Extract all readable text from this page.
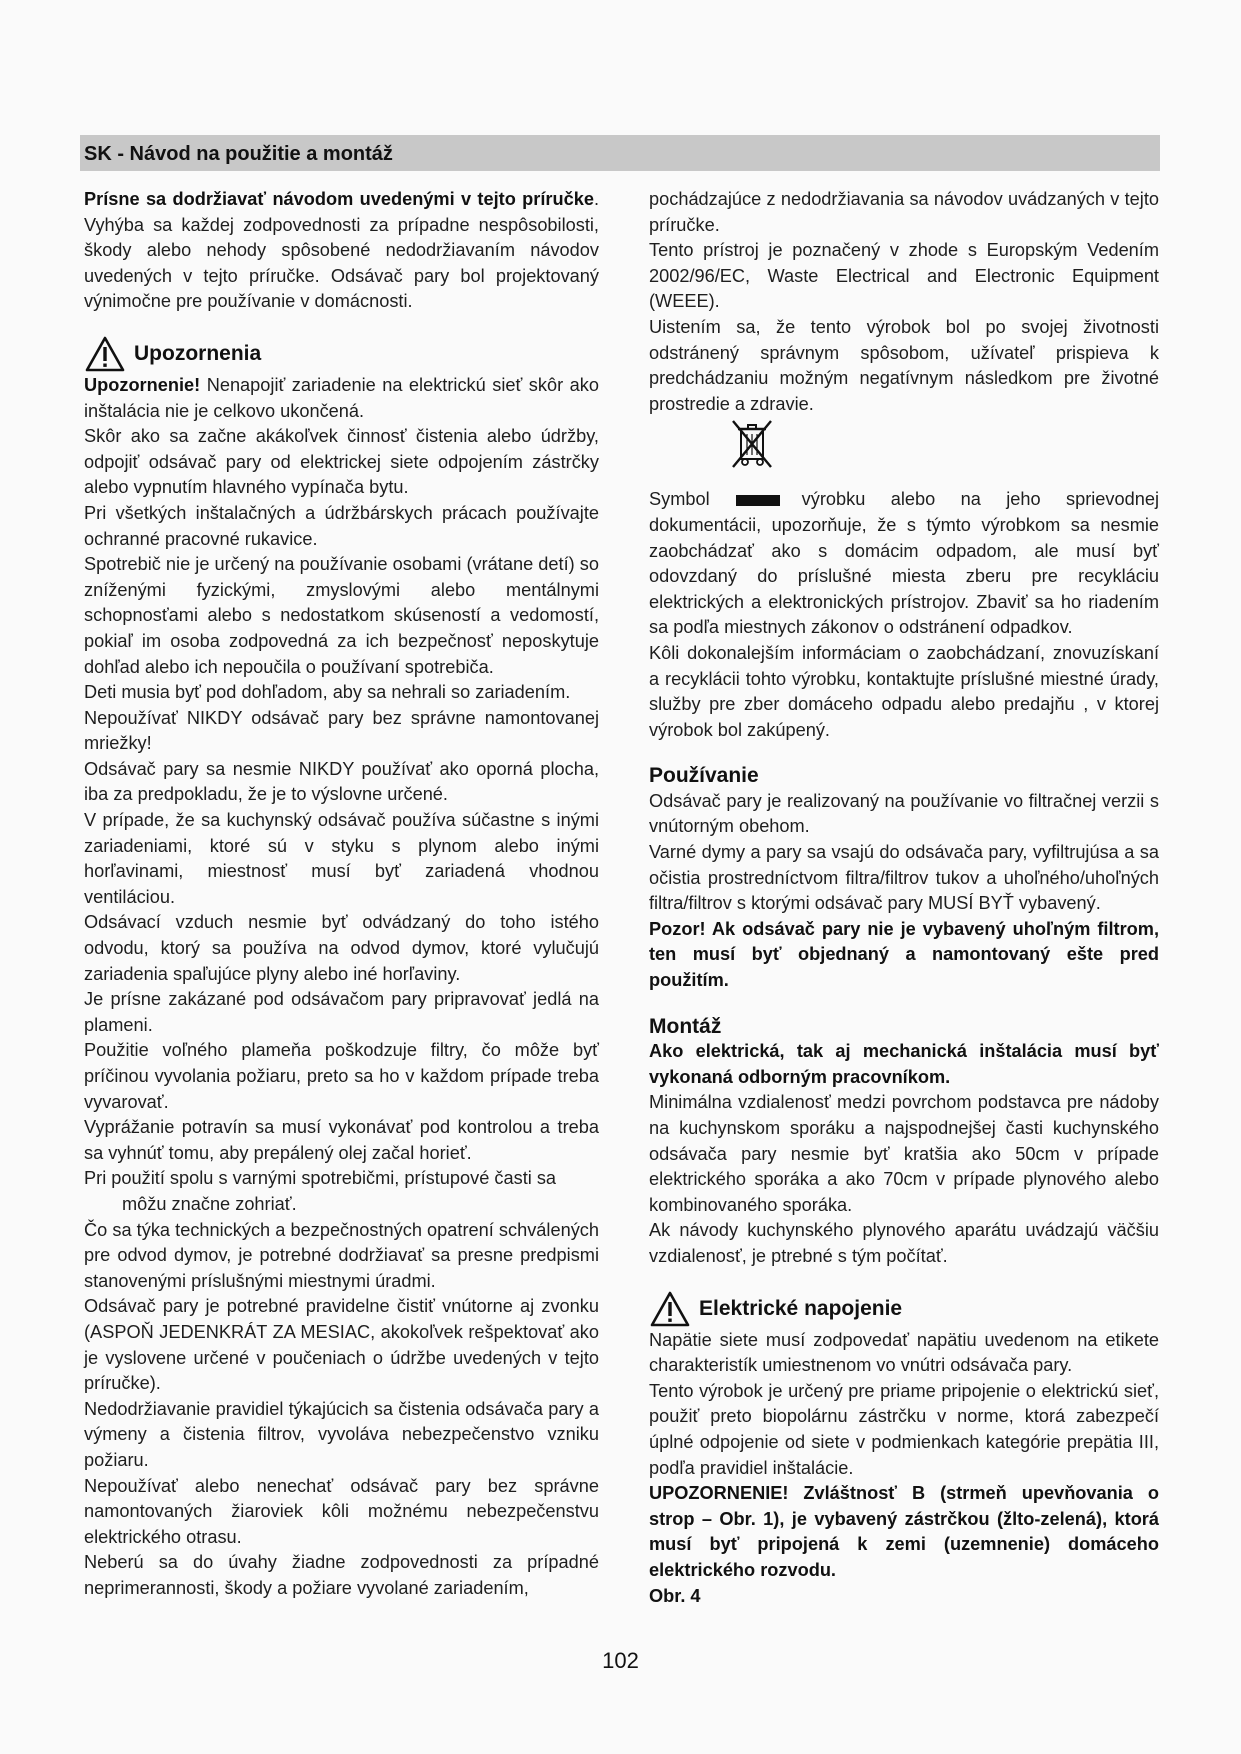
SK - Návod na použitie a montáž

Prísne sa dodržiavať návodom uvedenými v tejto príručke. Vyhýba sa každej zodpovednosti za prípadne nespôsobilosti, škody alebo nehody spôsobené nedodržiavaním návodov uvedených v tejto príručke. Odsávač pary bol projektovaný výnimočne pre používanie v domácnosti.

Upozornenia

Upozornenie! Nenapojiť zariadenie na elektrickú sieť skôr ako inštalácia nie je celkovo ukončená.

Skôr ako sa začne akákoľvek činnosť čistenia alebo údržby, odpojiť odsávač pary od elektrickej siete odpojením zástrčky alebo vypnutím hlavného vypínača bytu.

Pri všetkých inštalačných a údržbárskych prácach používajte ochranné pracovné rukavice.

Spotrebič nie je určený na používanie osobami (vrátane detí) so zníženými fyzickými, zmyslovými alebo mentálnymi schopnosťami alebo s nedostatkom skúseností a vedomostí, pokiaľ im osoba zodpovedná za ich bezpečnosť neposkytuje dohľad alebo ich nepoučila o používaní spotrebiča.

Deti musia byť pod dohľadom, aby sa nehrali so zariadením.

Nepoužívať NIKDY odsávač pary bez správne namontovanej mriežky!

Odsávač pary sa nesmie NIKDY používať ako oporná plocha, iba za predpokladu, že je to výslovne určené.

V prípade, že sa kuchynský odsávač používa súčastne s inými zariadeniami, ktoré sú v styku s plynom alebo inými horľavinami, miestnosť musí byť zariadená vhodnou ventiláciou.

Odsávací vzduch nesmie byť odvádzaný do toho istého odvodu, ktorý sa používa na odvod dymov, ktoré vylučujú zariadenia spaľujúce plyny alebo iné horľaviny.

Je prísne zakázané pod odsávačom pary pripravovať jedlá na plameni.

Použitie voľného plameňa poškodzuje filtry, čo môže byť príčinou vyvolania požiaru, preto sa ho v každom prípade treba vyvarovať.

Vyprážanie potravín sa musí vykonávať pod kontrolou a treba sa vyhnúť tomu, aby prepálený olej začal horieť.

Pri použití spolu s varnými spotrebičmi, prístupové časti sa

môžu značne zohriať.

Čo sa týka technických a bezpečnostných opatrení schválených pre odvod dymov, je potrebné dodržiavať sa presne predpismi stanovenými príslušnými miestnymi úradmi.

Odsávač pary je potrebné pravidelne čistiť vnútorne aj zvonku (ASPOŇ JEDENKRÁT ZA MESIAC, akokoľvek rešpektovať ako je vyslovene určené v poučeniach o údržbe uvedených v tejto príručke).

Nedodržiavanie pravidiel týkajúcich sa čistenia odsávača pary a výmeny a čistenia filtrov, vyvoláva nebezpečenstvo vzniku požiaru.

Nepoužívať alebo nenechať odsávač pary bez správne namontovaných žiaroviek kôli možnému nebezpečenstvu elektrického otrasu.

Neberú sa do úvahy žiadne zodpovednosti za prípadné neprimerannosti, škody a požiare vyvolané zariadením,

pochádzajúce z nedodržiavania sa návodov uvádzaných v tejto príručke.

Tento prístroj je poznačený v zhode s Europským Vedením 2002/96/EC, Waste Electrical and Electronic Equipment (WEEE).

Uistením sa, že tento výrobok bol po svojej životnosti odstránený správnym spôsobom, užívateľ prispieva k predchádzaniu možným negatívnym následkom pre životné prostredie a zdravie.

Symbol	výrobku alebo na jeho sprievodnej dokumentácii, upozorňuje, že s týmto výrobkom sa nesmie zaobchádzať ako s domácim odpadom, ale musí byť odovzdaný do príslušné miesta zberu pre recykláciu elektrických a elektronických prístrojov. Zbaviť sa ho riadením sa podľa miestnych zákonov o odstránení odpadkov.

Kôli dokonalejším informáciam o zaobchádzaní, znovuzískaní a recyklácii tohto výrobku, kontaktujte príslušné miestné úrady, služby pre zber domáceho odpadu alebo predajňu , v ktorej výrobok bol zakúpený.

Používanie

Odsávač pary je realizovaný na používanie vo filtračnej verzii s vnútorným obehom.

Varné dymy a pary sa vsajú do odsávača pary, vyfiltrujúsa a sa očistia prostredníctvom filtra/filtrov tukov a uhoľného/uhoľných filtra/filtrov s ktorými odsávač pary MUSÍ BYŤ vybavený.

Pozor! Ak odsávač pary nie je vybavený uhoľným filtrom, ten musí byť objednaný a namontovaný ešte pred použitím.

Montáž

Ako elektrická, tak aj mechanická inštalácia musí byť vykonaná odborným pracovníkom.

Minimálna vzdialenosť medzi povrchom podstavca pre nádoby na kuchynskom sporáku a najspodnejšej časti kuchynského odsávača pary nesmie byť kratšia ako 50cm v prípade elektrického sporáka a ako 70cm v prípade plynového alebo kombinovaného sporáka.

Ak návody kuchynského plynového aparátu uvádzajú väčšiu vzdialenosť, je ptrebné s tým počítať.

Elektrické napojenie

Napätie siete musí zodpovedať napätiu uvedenom na etikete charakteristík umiestnenom vo vnútri odsávača pary.

Tento výrobok je určený pre priame pripojenie o elektrickú sieť, použiť preto biopolárnu zástrčku v norme, ktorá zabezpečí úplné odpojenie od siete v podmienkach kategórie prepätia III, podľa pravidiel inštalácie.

UPOZORNENIE! Zvláštnosť B (strmeň upevňovania o strop – Obr. 1), je vybavený zástrčkou (žlto-zelená), ktorá musí byť pripojená k zemi (uzemnenie) domáceho elektrického rozvodu.

Obr. 4

102
